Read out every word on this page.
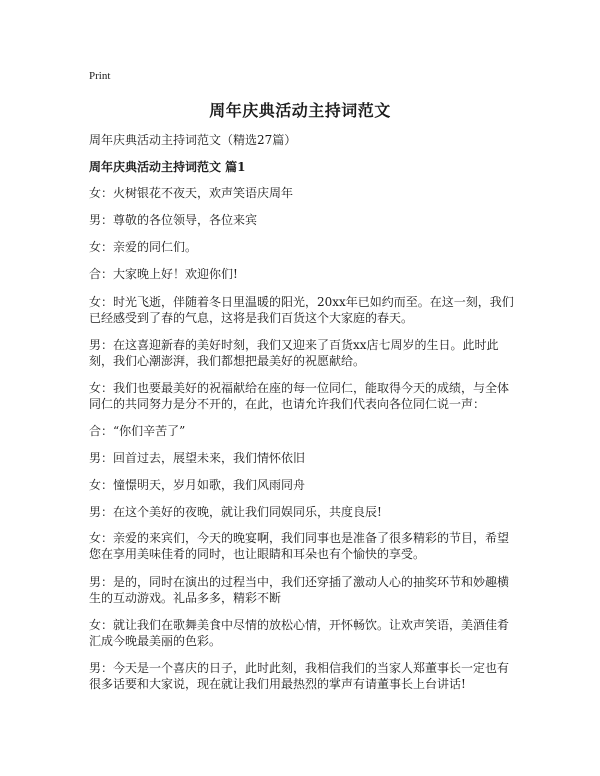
Print
周年庆典活动主持词范文
周年庆典活动主持词范文（精选27篇）
周年庆典活动主持词范文 篇1

女：火树银花不夜天，欢声笑语庆周年

男：尊敬的各位领导，各位来宾

女：亲爱的同仁们。

合：大家晚上好！欢迎你们!

女：时光飞逝，伴随着冬日里温暖的阳光，20xx年已如约而至。在这一刻，我们已经感受到了春的气息，这将是我们百货这个大家庭的春天。

男：在这喜迎新春的美好时刻，我们又迎来了百货xx店七周岁的生日。此时此刻，我们心潮澎湃，我们都想把最美好的祝愿献给。

女：我们也要最美好的祝福献给在座的每一位同仁，能取得今天的成绩，与全体同仁的共同努力是分不开的，在此，也请允许我们代表向各位同仁说一声：

合：“你们辛苦了”

男：回首过去，展望未来，我们情怀依旧

女：憧憬明天，岁月如歌，我们风雨同舟

男：在这个美好的夜晚，就让我们同娱同乐，共度良辰!

女：亲爱的来宾们，今天的晚宴啊，我们同事也是准备了很多精彩的节目，希望您在享用美味佳肴的同时，也让眼睛和耳朵也有个愉快的享受。

男：是的，同时在演出的过程当中，我们还穿插了激动人心的抽奖环节和妙趣横生的互动游戏。礼品多多，精彩不断

女：就让我们在歌舞美食中尽情的放松心情，开怀畅饮。让欢声笑语，美酒佳肴汇成今晚最美丽的色彩。

男：今天是一个喜庆的日子，此时此刻，我相信我们的当家人郑董事长一定也有很多话要和大家说，现在就让我们用最热烈的掌声有请董事长上台讲话!
